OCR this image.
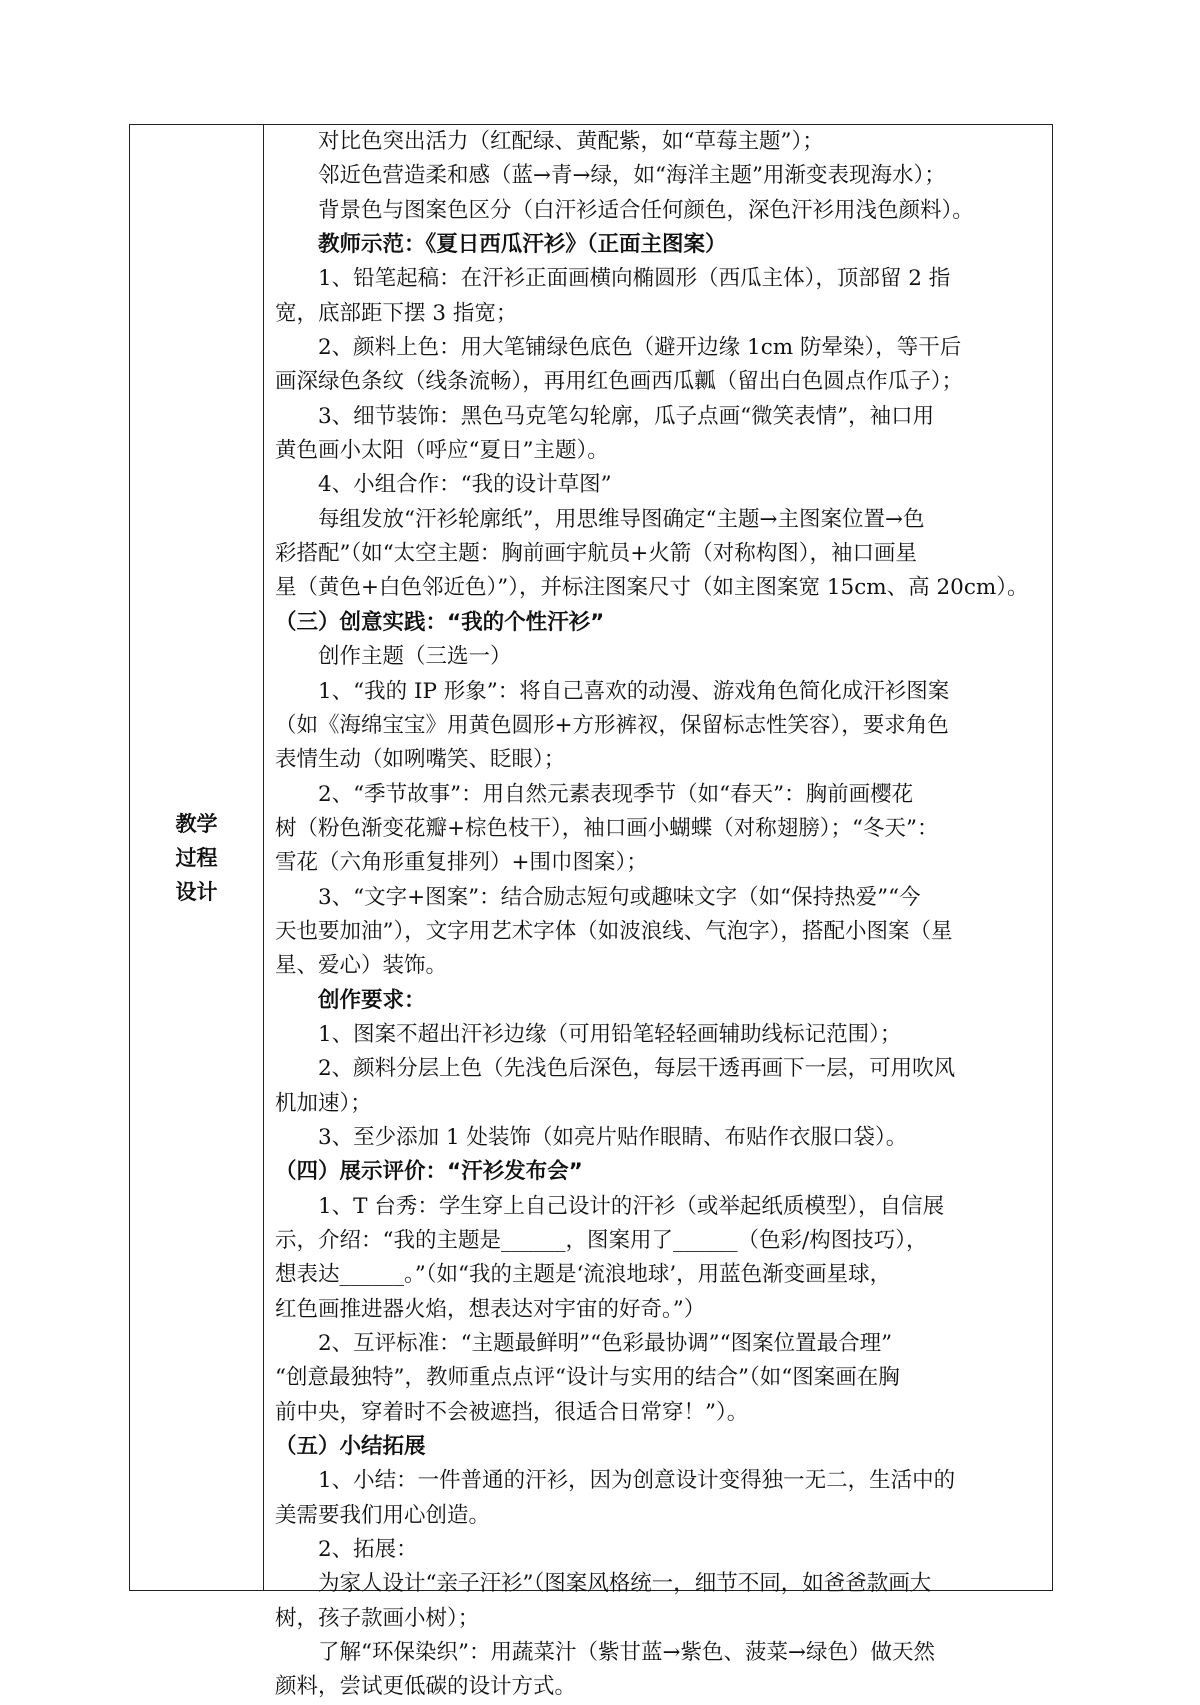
教学
过程
设计
对比色突出活力（红配绿、黄配紫，如“草莓主题”）；
邻近色营造柔和感（蓝→青→绿，如“海洋主题”用渐变表现海水）；
背景色与图案色区分（白汗衫适合任何颜色，深色汗衫用浅色颜料）。
教师示范：《夏日西瓜汗衫》（正面主图案）
1、铅笔起稿：在汗衫正面画横向椭圆形（西瓜主体），顶部留 2 指
宽，底部距下摆 3 指宽；
2、颜料上色：用大笔铺绿色底色（避开边缘 1cm 防晕染），等干后
画深绿色条纹（线条流畅），再用红色画西瓜瓤（留出白色圆点作瓜子）；
3、细节装饰：黑色马克笔勾轮廓，瓜子点画“微笑表情”，袖口用
黄色画小太阳（呼应“夏日”主题）。
4、小组合作：“我的设计草图”
每组发放“汗衫轮廓纸”，用思维导图确定“主题→主图案位置→色
彩搭配”（如“太空主题：胸前画宇航员+火箭（对称构图），袖口画星
星（黄色+白色邻近色）”），并标注图案尺寸（如主图案宽 15cm、高 20cm）。
（三）创意实践：“我的个性汗衫”
创作主题（三选一）
1、“我的 IP 形象”：将自己喜欢的动漫、游戏角色简化成汗衫图案
（如《海绵宝宝》用黄色圆形+方形裤衩，保留标志性笑容），要求角色
表情生动（如咧嘴笑、眨眼）；
2、“季节故事”：用自然元素表现季节（如“春天”：胸前画樱花
树（粉色渐变花瓣+棕色枝干），袖口画小蝴蝶（对称翅膀）；“冬天”：
雪花（六角形重复排列）+围巾图案）；
3、“文字+图案”：结合励志短句或趣味文字（如“保持热爱”“今
天也要加油”），文字用艺术字体（如波浪线、气泡字），搭配小图案（星
星、爱心）装饰。
创作要求：
1、图案不超出汗衫边缘（可用铅笔轻轻画辅助线标记范围）；
2、颜料分层上色（先浅色后深色，每层干透再画下一层，可用吹风
机加速）；
3、至少添加 1 处装饰（如亮片贴作眼睛、布贴作衣服口袋）。
（四）展示评价：“汗衫发布会”
1、T 台秀：学生穿上自己设计的汗衫（或举起纸质模型），自信展
示，介绍：“我的主题是______，图案用了______（色彩/构图技巧），
想表达______。”（如“我的主题是‘流浪地球’，用蓝色渐变画星球，
红色画推进器火焰，想表达对宇宙的好奇。”）
2、互评标准：“主题最鲜明”“色彩最协调”“图案位置最合理”
“创意最独特”，教师重点点评“设计与实用的结合”（如“图案画在胸
前中央，穿着时不会被遮挡，很适合日常穿！”）。
（五）小结拓展
1、小结：一件普通的汗衫，因为创意设计变得独一无二，生活中的
美需要我们用心创造。
2、拓展：
为家人设计“亲子汗衫”（图案风格统一，细节不同，如爸爸款画大
树，孩子款画小树）；
了解“环保染织”：用蔬菜汁（紫甘蓝→紫色、菠菜→绿色）做天然
颜料，尝试更低碳的设计方式。
